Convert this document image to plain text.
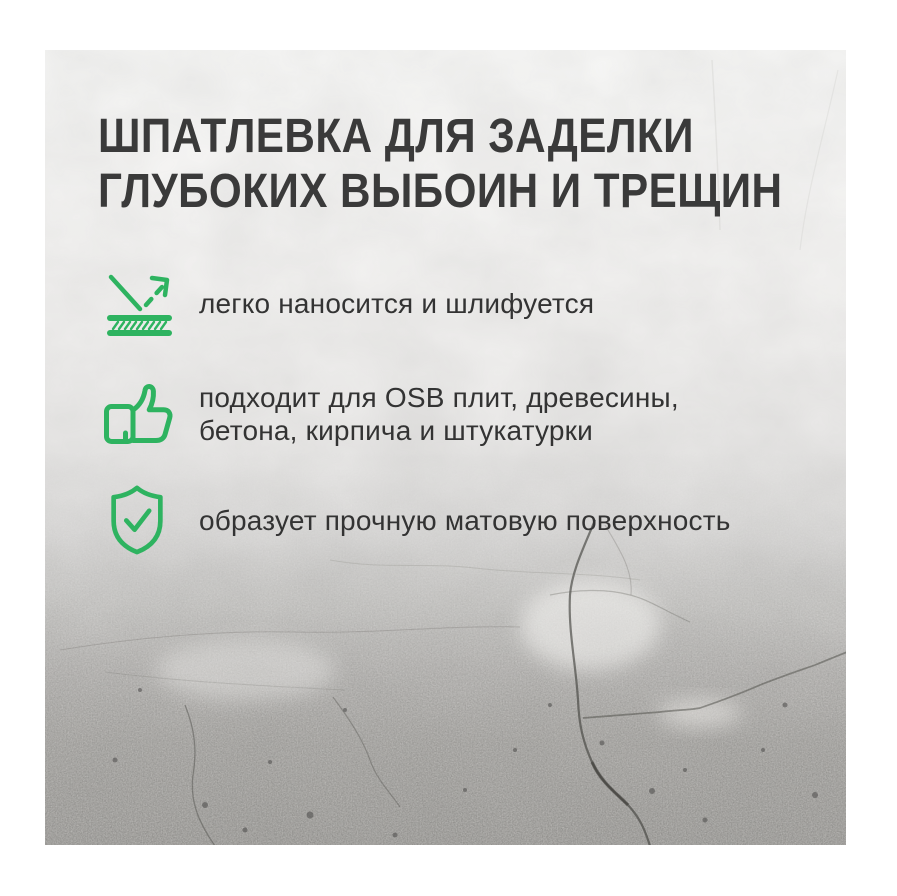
ШПАТЛЕВКА ДЛЯ ЗАДЕЛКИ
ГЛУБОКИХ ВЫБОИН И ТРЕЩИН
легко наносится и шлифуется
подходит для OSB плит, древесины,
бетона, кирпича и штукатурки
образует прочную матовую поверхность
